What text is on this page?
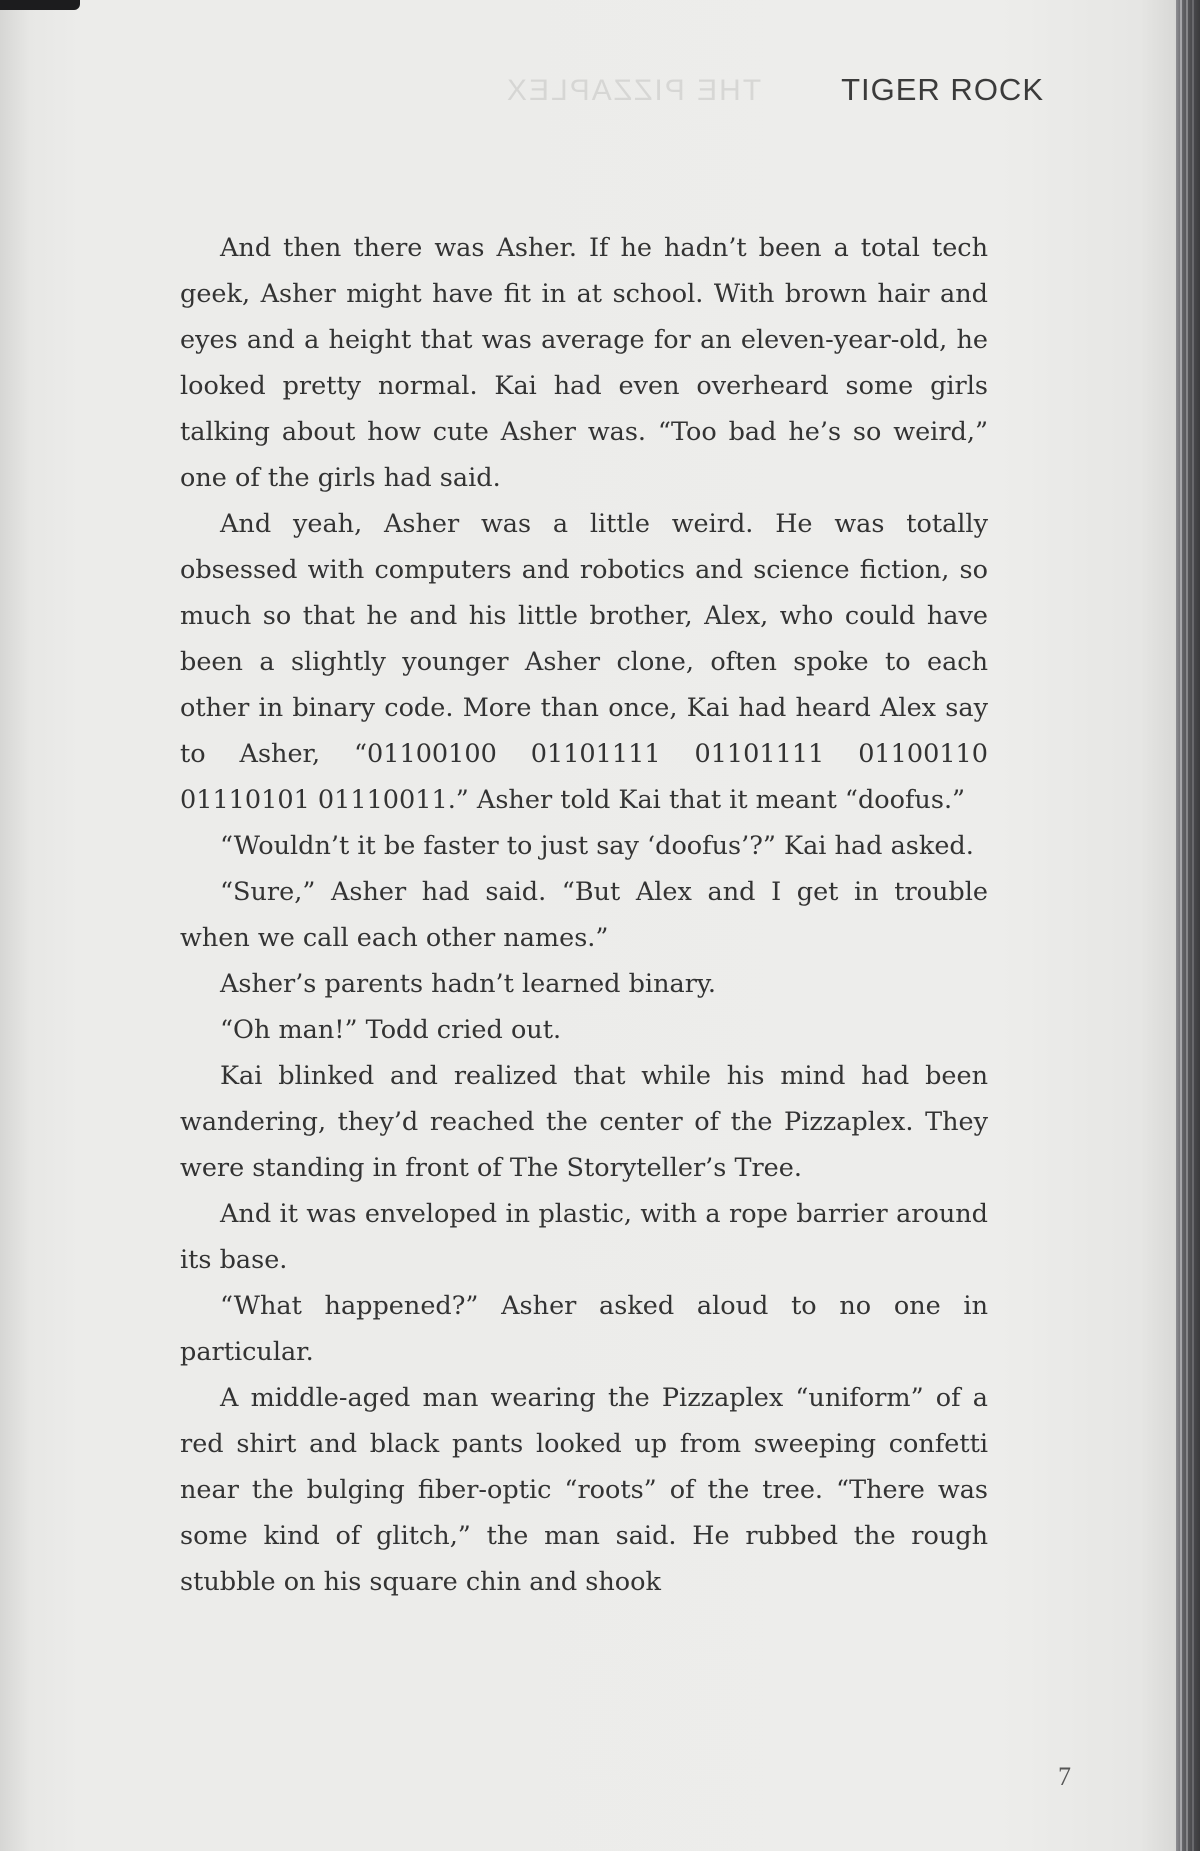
THE PIZZAPLEX	TIGER ROCK

And then there was Asher. If he hadn’t been a total tech geek, Asher might have fit in at school. With brown hair and eyes and a height that was average for an eleven-year-old, he looked pretty normal. Kai had even overheard some girls talking about how cute Asher was. “Too bad he’s so weird,” one of the girls had said.

And yeah, Asher was a little weird. He was totally obsessed with computers and robotics and science fiction, so much so that he and his little brother, Alex, who could have been a slightly younger Asher clone, often spoke to each other in binary code. More than once, Kai had heard Alex say to Asher, “01100100 01101111 01101111 01100110 01110101 01110011.” Asher told Kai that it meant “doofus.”

“Wouldn’t it be faster to just say ‘doofus’?” Kai had asked.

“Sure,” Asher had said. “But Alex and I get in trouble when we call each other names.”

Asher’s parents hadn’t learned binary.

“Oh man!” Todd cried out.

Kai blinked and realized that while his mind had been wandering, they’d reached the center of the Pizzaplex. They were standing in front of The Storyteller’s Tree.

And it was enveloped in plastic, with a rope barrier around its base.

“What happened?” Asher asked aloud to no one in particular.

A middle-aged man wearing the Pizzaplex “uniform” of a red shirt and black pants looked up from sweeping confetti near the bulging fiber-optic “roots” of the tree. “There was some kind of glitch,” the man said. He rubbed the rough stubble on his square chin and shook

7
